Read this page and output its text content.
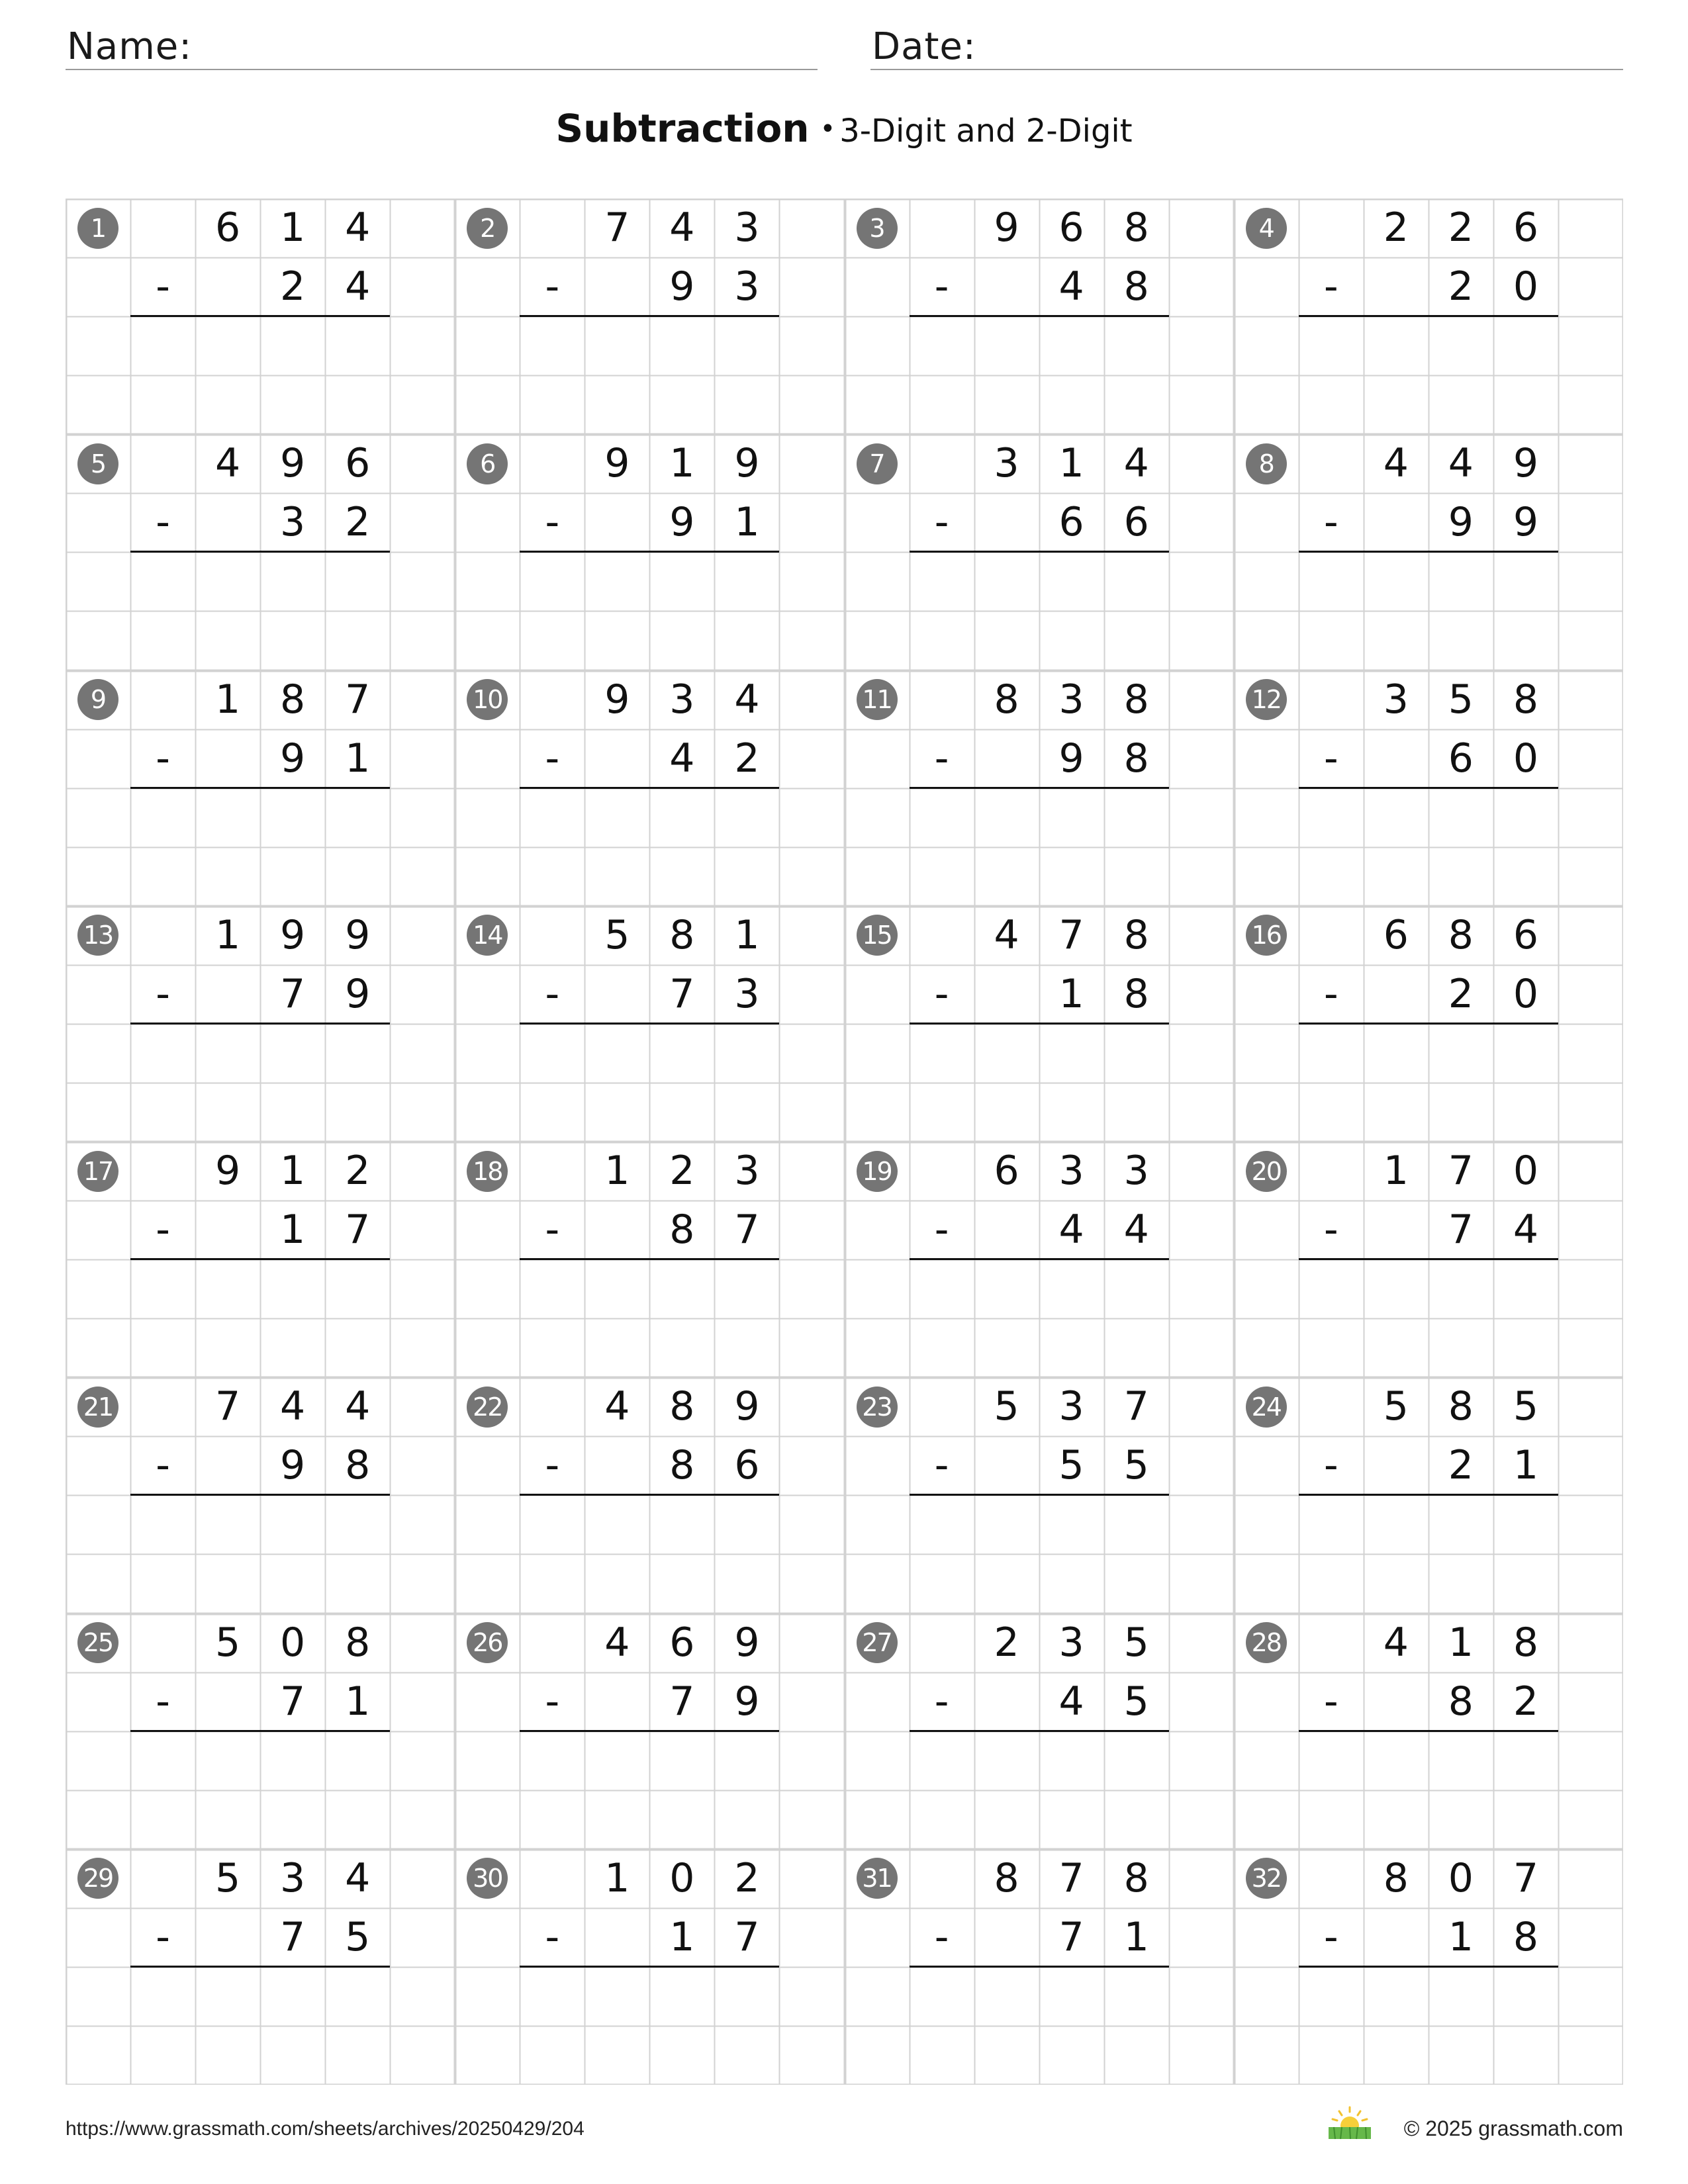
Name:	Date:
Subtraction • 3-Digit and 2-Digit
1	6 1 4
-	2 4
2	7 4 3
-	9 3
3	9 6 8
-	4 8
4	2 2 6
-	2 0
5	4 9 6
-	3 2
6	9 1 9
-	9 1
7	3 1 4
-	6 6
8	4 4 9
-	9 9
9	1 8 7
-	9 1
10	9 3 4
-	4 2
11	8 3 8
-	9 8
12	3 5 8
-	6 0
13	1 9 9
-	7 9
14	5 8 1
-	7 3
15	4 7 8
-	1 8
16	6 8 6
-	2 0
17	9 1 2
-	1 7
18	1 2 3
-	8 7
19	6 3 3
-	4 4
20	1 7 0
-	7 4
21	7 4 4
-	9 8
22	4 8 9
-	8 6
23	5 3 7
-	5 5
24	5 8 5
-	2 1
25	5 0 8
-	7 1
26	4 6 9
-	7 9
27	2 3 5
-	4 5
28	4 1 8
-	8 2
29	5 3 4
-	7 5
30	1 0 2
-	1 7
31	8 7 8
-	7 1
32	8 0 7
-	1 8
https://www.grassmath.com/sheets/archives/20250429/204	© 2025 grassmath.com
